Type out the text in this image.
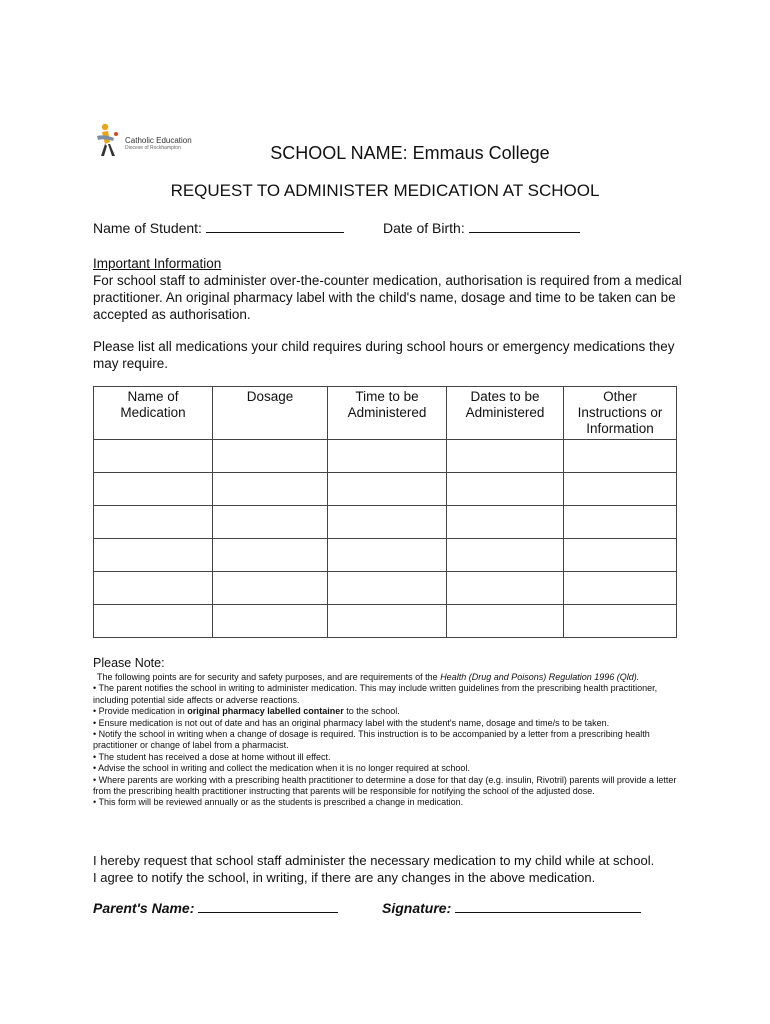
Catholic Education
Diocese of Rockhampton	SCHOOL NAME: Emmaus College
REQUEST TO ADMINISTER MEDICATION AT SCHOOL
Name of Student:	Date of Birth:
Important Information
For school staff to administer over-the-counter medication, authorisation is required from a medical practitioner. An original pharmacy label with the child's name, dosage and time to be taken can be accepted as authorisation.
Please list all medications your child requires during school hours or emergency medications they may require.
Name of Medication	Dosage	Time to be Administered	Dates to be Administered	Other Instructions or Information

Please Note:

The following points are for security and safety purposes, and are requirements of the Health (Drug and Poisons) Regulation 1996 (Qld).

• The parent notifies the school in writing to administer medication. This may include written guidelines from the prescribing health practitioner, including potential side affects or adverse reactions.

• Provide medication in original pharmacy labelled container to the school.

• Ensure medication is not out of date and has an original pharmacy label with the student's name, dosage and time/s to be taken.

• Notify the school in writing when a change of dosage is required. This instruction is to be accompanied by a letter from a prescribing health practitioner or change of label from a pharmacist.

• The student has received a dose at home without ill effect.

• Advise the school in writing and collect the medication when it is no longer required at school.

• Where parents are working with a prescribing health practitioner to determine a dose for that day (e.g. insulin, Rivotril) parents will provide a letter from the prescribing health practitioner instructing that parents will be responsible for notifying the school of the adjusted dose.

• This form will be reviewed annually or as the students is prescribed a change in medication.

I hereby request that school staff administer the necessary medication to my child while at school.
I agree to notify the school, in writing, if there are any changes in the above medication.
Parent's Name:	Signature:
